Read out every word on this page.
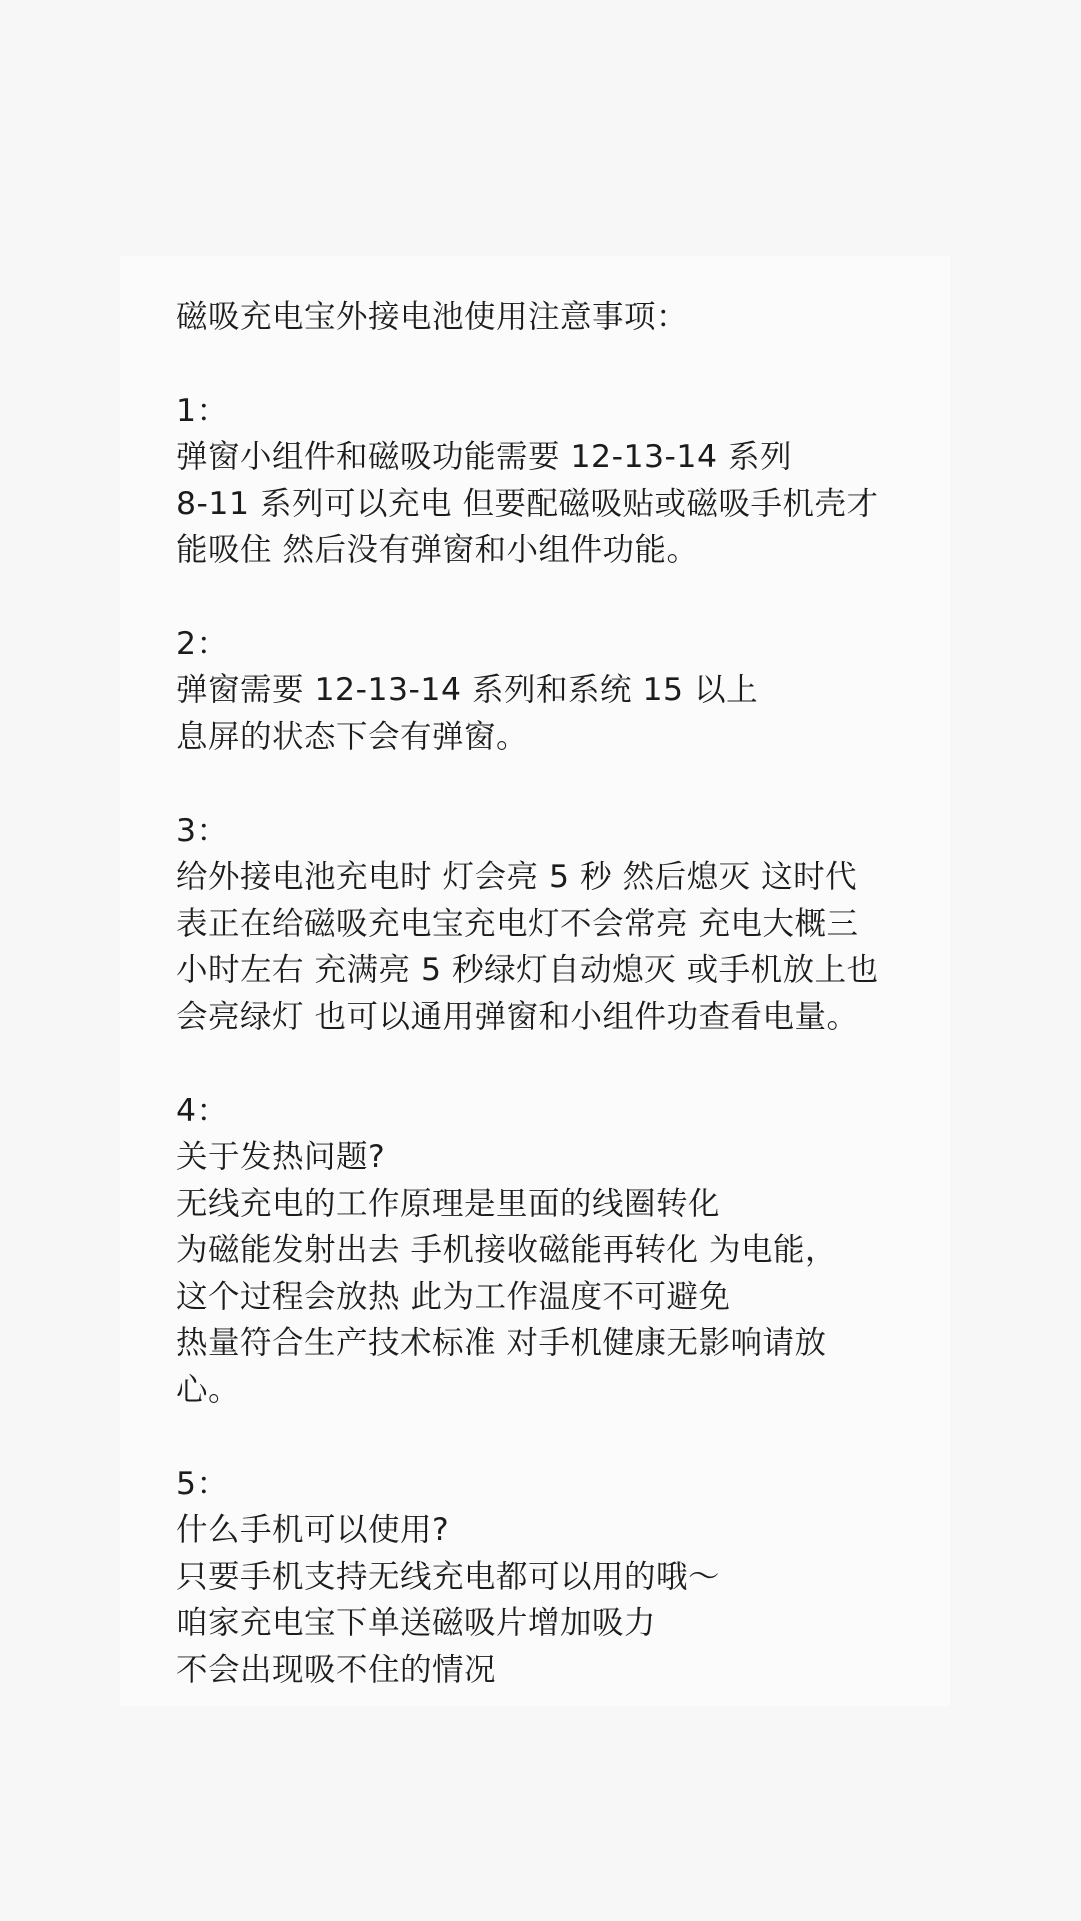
磁吸充电宝外接电池使用注意事项：
1：
弹窗小组件和磁吸功能需要 12-13-14 系列
8-11 系列可以充电 但要配磁吸贴或磁吸手机壳才
能吸住 然后没有弹窗和小组件功能。
2：
弹窗需要 12-13-14 系列和系统 15 以上
息屏的状态下会有弹窗。
3：
给外接电池充电时 灯会亮 5 秒 然后熄灭 这时代
表正在给磁吸充电宝充电灯不会常亮 充电大概三
小时左右 充满亮 5 秒绿灯自动熄灭 或手机放上也
会亮绿灯 也可以通用弹窗和小组件功查看电量。
4：
关于发热问题?
无线充电的工作原理是里面的线圈转化
为磁能发射出去 手机接收磁能再转化 为电能，
这个过程会放热 此为工作温度不可避免
热量符合生产技术标准 对手机健康无影响请放
心。
5：
什么手机可以使用?
只要手机支持无线充电都可以用的哦～
咱家充电宝下单送磁吸片增加吸力
不会出现吸不住的情况
